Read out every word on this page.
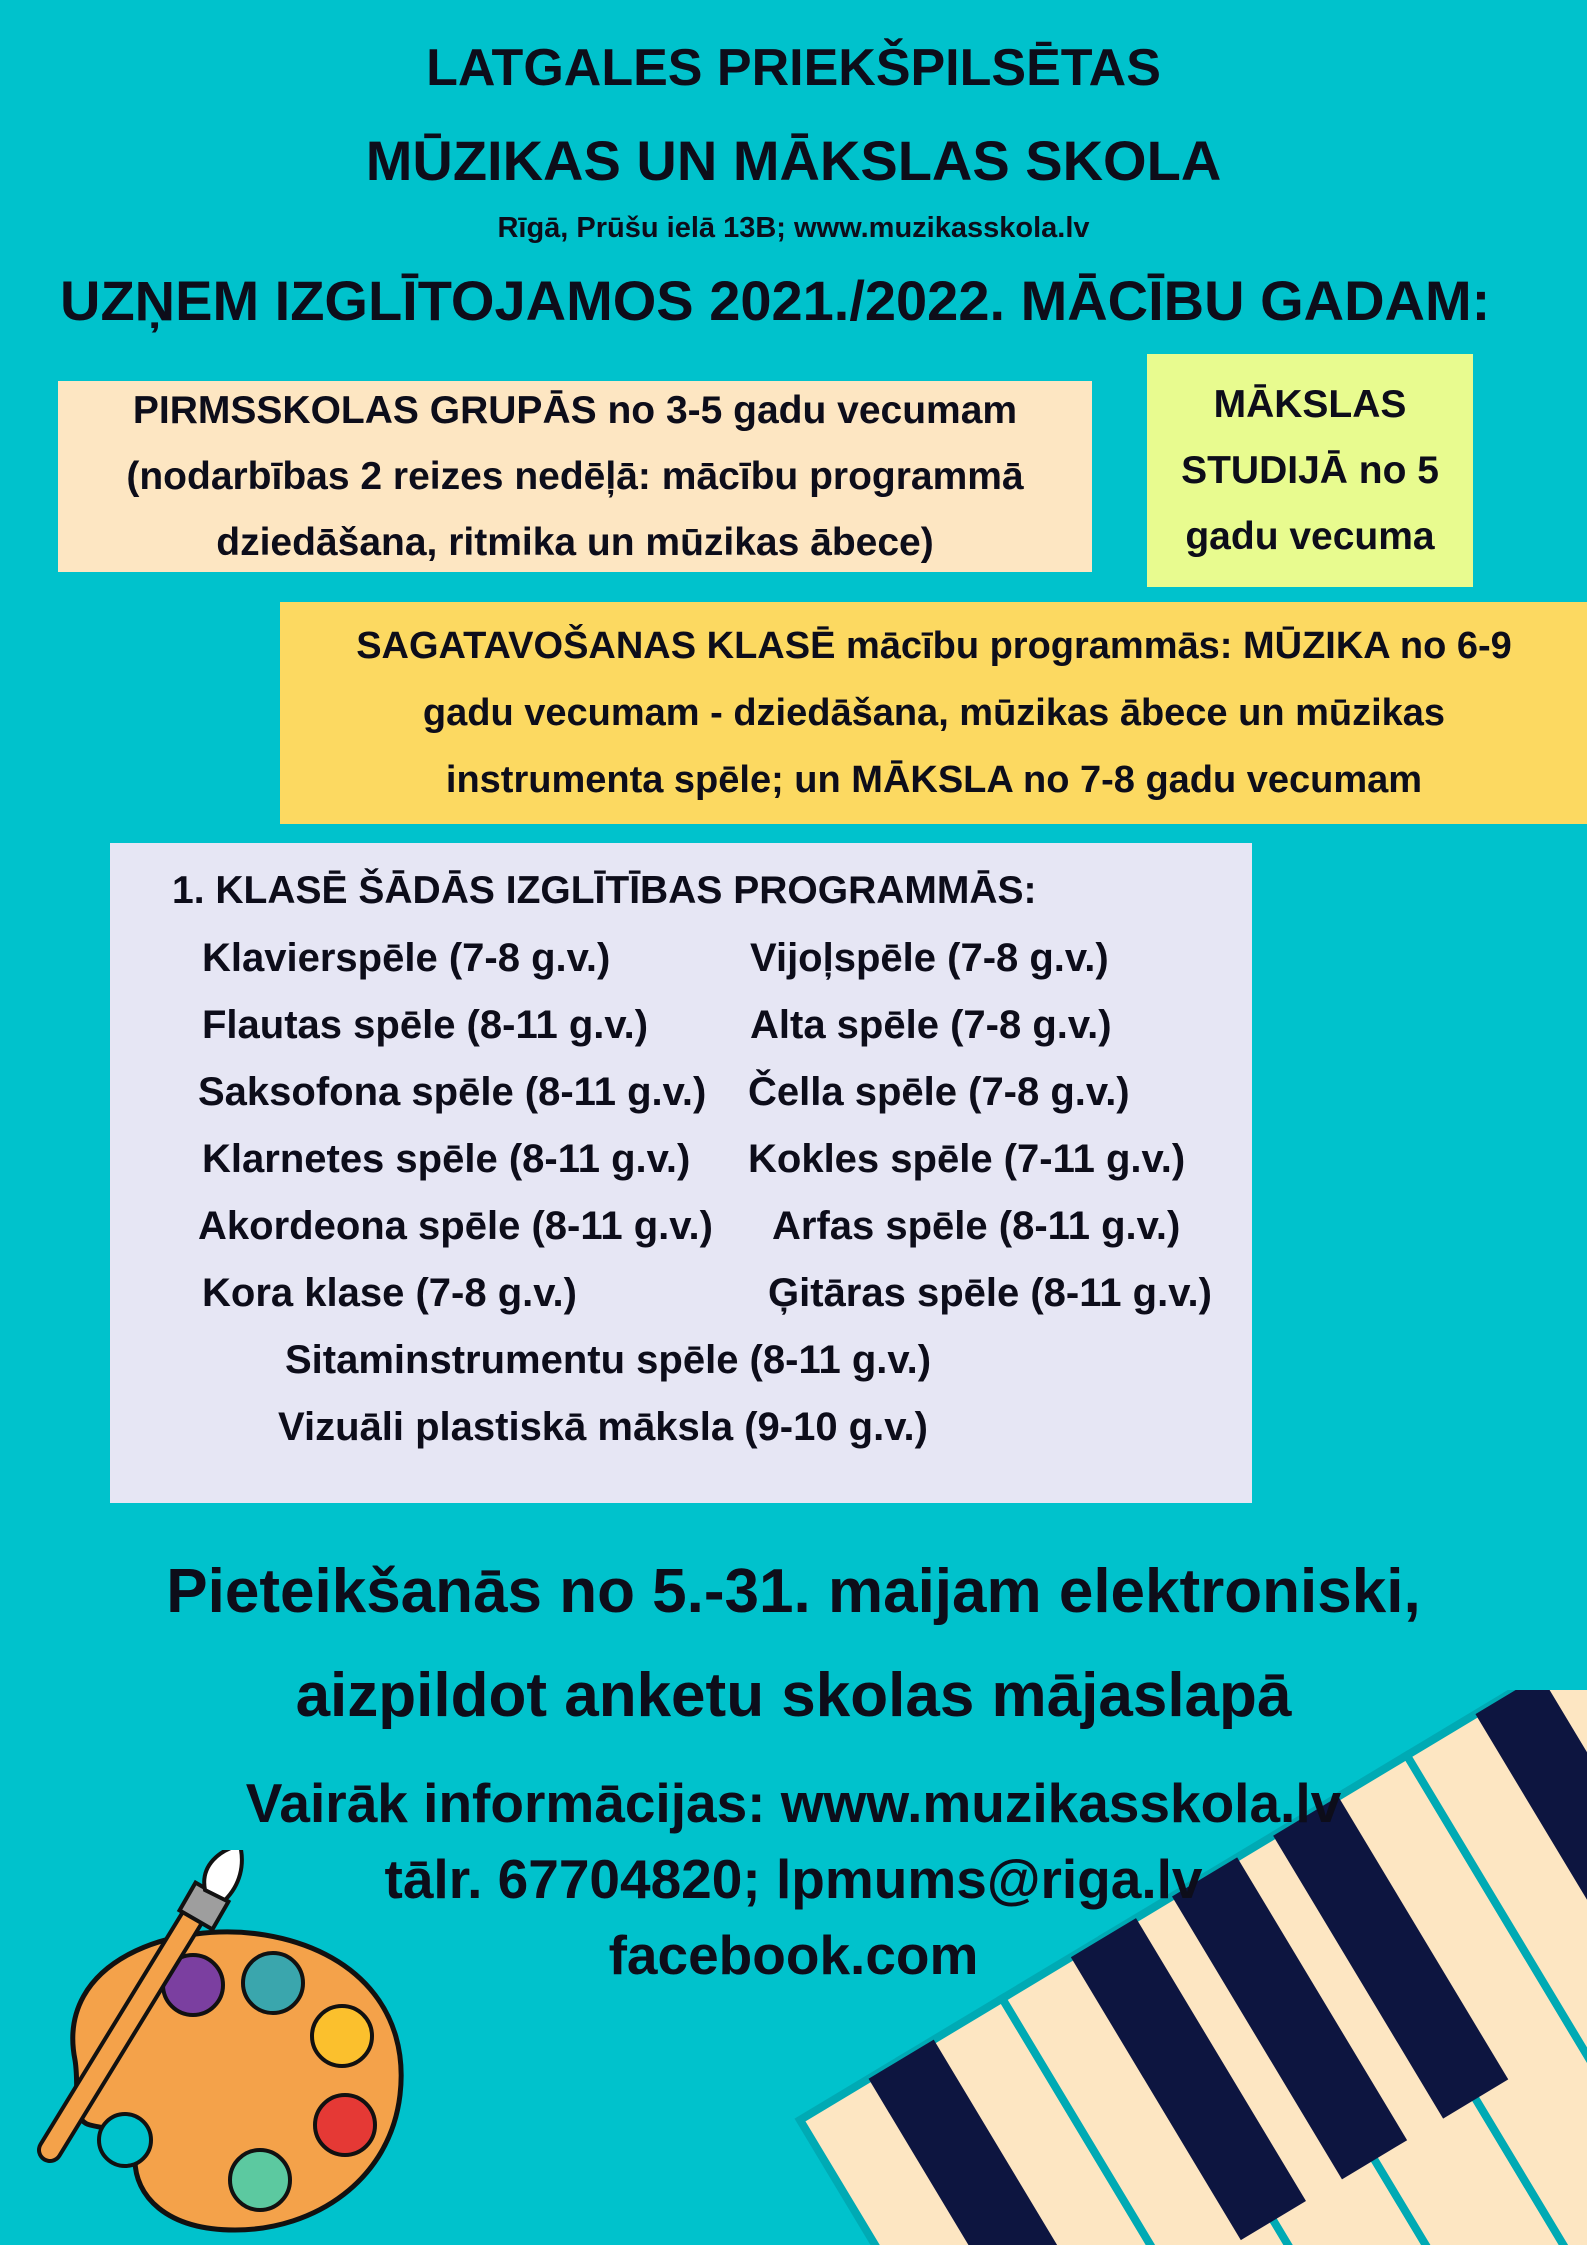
LATGALES PRIEKŠPILSĒTAS
MŪZIKAS UN MĀKSLAS SKOLA
Rīgā, Prūšu ielā 13B; www.muzikasskola.lv
UZŅEM IZGLĪTOJAMOS 2021./2022. MĀCĪBU GADAM:
PIRMSSKOLAS GRUPĀS no 3-5 gadu vecumam
(nodarbības 2 reizes nedēļā: mācību programmā
dziedāšana, ritmika un mūzikas ābece)
MĀKSLAS
STUDIJĀ no 5
gadu vecuma
SAGATAVOŠANAS KLASĒ mācību programmās: MŪZIKA no 6-9
gadu vecumam - dziedāšana, mūzikas ābece un mūzikas
instrumenta spēle; un MĀKSLA no 7-8 gadu vecumam
1. KLASĒ ŠĀDĀS IZGLĪTĪBAS PROGRAMMĀS:
Klavierspēle (7-8 g.v.)
Flautas spēle (8-11 g.v.)
Saksofona spēle (8-11 g.v.)
Klarnetes spēle (8-11 g.v.)
Akordeona spēle (8-11 g.v.)
Kora klase (7-8 g.v.)
Vijoļspēle (7-8 g.v.)
Alta spēle (7-8 g.v.)
Čella spēle (7-8 g.v.)
Kokles spēle (7-11 g.v.)
Arfas spēle (8-11 g.v.)
Ģitāras spēle (8-11 g.v.)
Sitaminstrumentu spēle (8-11 g.v.)
Vizuāli plastiskā māksla (9-10 g.v.)
Pieteikšanās no 5.-31. maijam elektroniski,
aizpildot anketu skolas mājaslapā
Vairāk informācijas: www.muzikasskola.lv
tālr. 67704820; lpmums@riga.lv
facebook.com
